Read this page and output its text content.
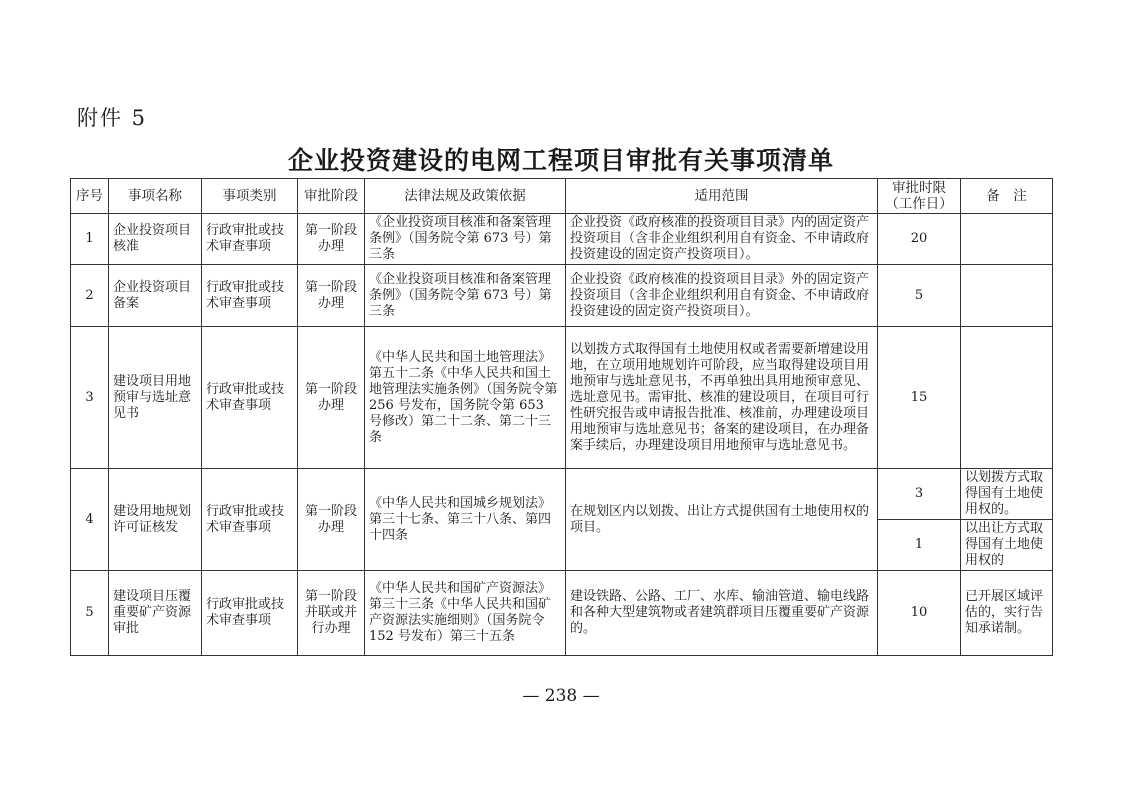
附件 5
企业投资建设的电网工程项目审批有关事项清单
序号	事项名称	事项类别	审批阶段	法律法规及政策依据	适用范围	审批时限（工作日）	备　注
1	企业投资项目核准	行政审批或技术审查事项	第一阶段办理	《企业投资项目核准和备案管理条例》（国务院令第 673 号）第三条	企业投资《政府核准的投资项目目录》内的固定资产投资项目（含非企业组织利用自有资金、不申请政府投资建设的固定资产投资项目）。	20	
2	企业投资项目备案	行政审批或技术审查事项	第一阶段办理	《企业投资项目核准和备案管理条例》（国务院令第 673 号）第三条	企业投资《政府核准的投资项目目录》外的固定资产投资项目（含非企业组织利用自有资金、不申请政府投资建设的固定资产投资项目）。	5	
3	建设项目用地预审与选址意见书	行政审批或技术审查事项	第一阶段办理	《中华人民共和国土地管理法》第五十二条《中华人民共和国土地管理法实施条例》（国务院令第 256 号发布，国务院令第 653 号修改）第二十二条、第二十三条	以划拨方式取得国有土地使用权或者需要新增建设用地，在立项用地规划许可阶段，应当取得建设项目用地预审与选址意见书，不再单独出具用地预审意见、选址意见书。需审批、核准的建设项目，在项目可行性研究报告或申请报告批准、核准前，办理建设项目用地预审与选址意见书；备案的建设项目，在办理备案手续后，办理建设项目用地预审与选址意见书。	15	
4	建设用地规划许可证核发	行政审批或技术审查事项	第一阶段办理	《中华人民共和国城乡规划法》第三十七条、第三十八条、第四十四条	在规划区内以划拨、出让方式提供国有土地使用权的项目。	3	以划拨方式取得国有土地使用权的。
						1	以出让方式取得国有土地使用权的
5	建设项目压覆重要矿产资源审批	行政审批或技术审查事项	第一阶段并联或并行办理	《中华人民共和国矿产资源法》第三十三条《中华人民共和国矿产资源法实施细则》（国务院令 152 号发布）第三十五条	建设铁路、公路、工厂、水库、输油管道、输电线路和各种大型建筑物或者建筑群项目压覆重要矿产资源的。	10	已开展区域评估的，实行告知承诺制。
— 238 —
